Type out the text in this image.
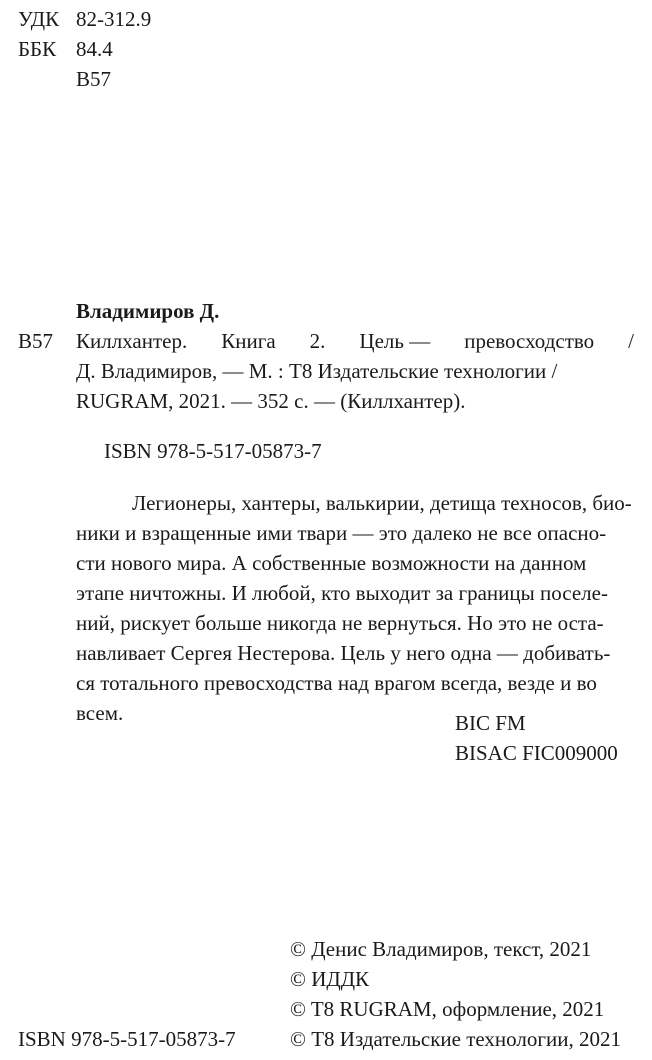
УДК 82-312.9
ББК 84.4
В57
Владимиров Д.
В57 Киллхантер. Книга 2. Цель — превосходство /
Д. Владимиров, — М. : Т8 Издательские технологии /
RUGRAM, 2021. — 352 с. — (Киллхантер).
ISBN 978-5-517-05873-7
Легионеры, хантеры, валькирии, детища техносов, био-
ники и взращенные ими твари — это далеко не все опасно-
сти нового мира. А собственные возможности на данном
этапе ничтожны. И любой, кто выходит за границы поселе-
ний, рискует больше никогда не вернуться. Но это не оста-
навливает Сергея Нестерова. Цель у него одна — добивать-
ся тотального превосходства над врагом всегда, везде и во
всем.	BIC FM
BISAC FIC009000
ISBN 978-5-517-05873-7
© Денис Владимиров, текст, 2021
© ИДДК
© T8 RUGRAM, оформление, 2021
© Т8 Издательские технологии, 2021
